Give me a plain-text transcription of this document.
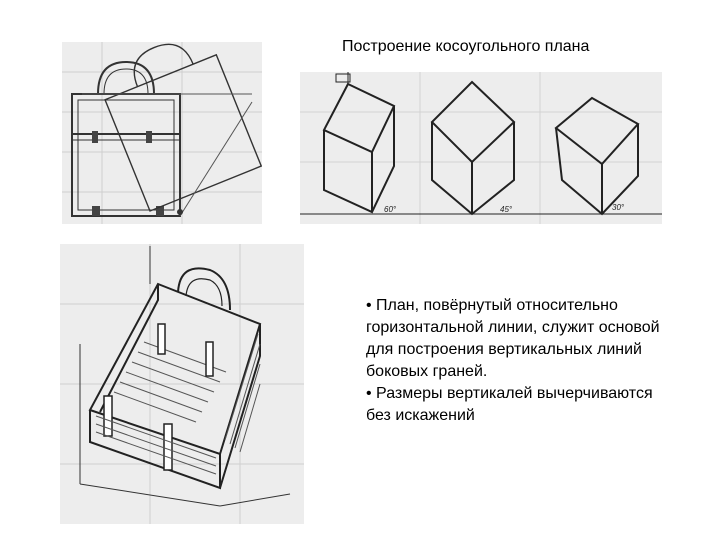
Построение косоугольного плана
60°	45°	30°

• План, повёрнутый относительно горизонтальной линии, служит основой для построения вертикальных линий боковых граней.

• Размеры вертикалей вычерчиваются без искажений
